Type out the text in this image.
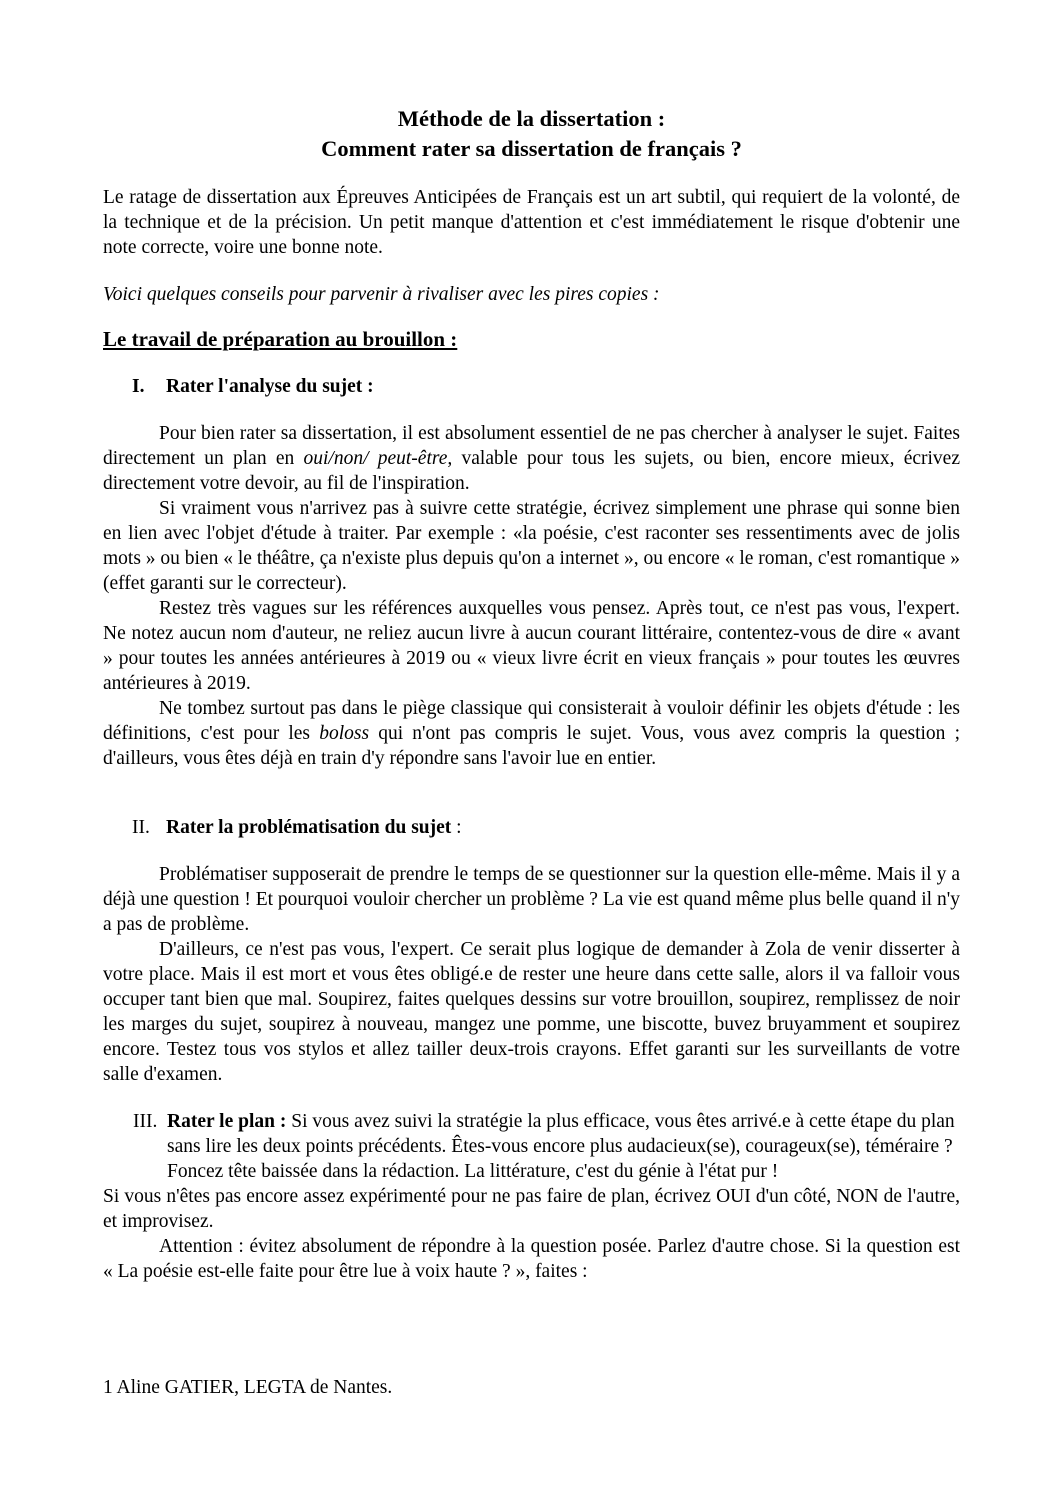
Méthode de la dissertation :
Comment rater sa dissertation de français ?

Le ratage de dissertation aux Épreuves Anticipées de Français est un art subtil, qui requiert de la volonté, de la technique et de la précision. Un petit manque d'attention et c'est immédiatement le risque d'obtenir une note correcte, voire une bonne note.

Voici quelques conseils pour parvenir à rivaliser avec les pires copies :

Le travail de préparation au brouillon :
I. Rater l'analyse du sujet :

Pour bien rater sa dissertation, il est absolument essentiel de ne pas chercher à analyser le sujet. Faites directement un plan en oui/non/ peut-être, valable pour tous les sujets, ou bien, encore mieux, écrivez directement votre devoir, au fil de l'inspiration.

Si vraiment vous n'arrivez pas à suivre cette stratégie, écrivez simplement une phrase qui sonne bien en lien avec l'objet d'étude à traiter. Par exemple : «la poésie, c'est raconter ses ressentiments avec de jolis mots » ou bien « le théâtre, ça n'existe plus depuis qu'on a internet », ou encore « le roman, c'est romantique » (effet garanti sur le correcteur).

Restez très vagues sur les références auxquelles vous pensez. Après tout, ce n'est pas vous, l'expert. Ne notez aucun nom d'auteur, ne reliez aucun livre à aucun courant littéraire, contentez-vous de dire « avant » pour toutes les années antérieures à 2019 ou « vieux livre écrit en vieux français » pour toutes les œuvres antérieures à 2019.

Ne tombez surtout pas dans le piège classique qui consisterait à vouloir définir les objets d'étude : les définitions, c'est pour les boloss qui n'ont pas compris le sujet. Vous, vous avez compris la question ; d'ailleurs, vous êtes déjà en train d'y répondre sans l'avoir lue en entier.

II. Rater la problématisation du sujet :

Problématiser supposerait de prendre le temps de se questionner sur la question elle-même. Mais il y a déjà une question ! Et pourquoi vouloir chercher un problème ? La vie est quand même plus belle quand il n'y a pas de problème.

D'ailleurs, ce n'est pas vous, l'expert. Ce serait plus logique de demander à Zola de venir disserter à votre place. Mais il est mort et vous êtes obligé.e de rester une heure dans cette salle, alors il va falloir vous occuper tant bien que mal. Soupirez, faites quelques dessins sur votre brouillon, soupirez, remplissez de noir les marges du sujet, soupirez à nouveau, mangez une pomme, une biscotte, buvez bruyamment et soupirez encore. Testez tous vos stylos et allez tailler deux-trois crayons. Effet garanti sur les surveillants de votre salle d'examen.

III. Rater le plan : Si vous avez suivi la stratégie la plus efficace, vous êtes arrivé.e à cette étape du plan sans lire les deux points précédents. Êtes-vous encore plus audacieux(se), courageux(se), téméraire ? Foncez tête baissée dans la rédaction. La littérature, c'est du génie à l'état pur !

Si vous n'êtes pas encore assez expérimenté pour ne pas faire de plan, écrivez OUI d'un côté, NON de l'autre, et improvisez.

Attention : évitez absolument de répondre à la question posée. Parlez d'autre chose. Si la question est « La poésie est-elle faite pour être lue à voix haute ? », faites :

1 Aline GATIER, LEGTA de Nantes.
